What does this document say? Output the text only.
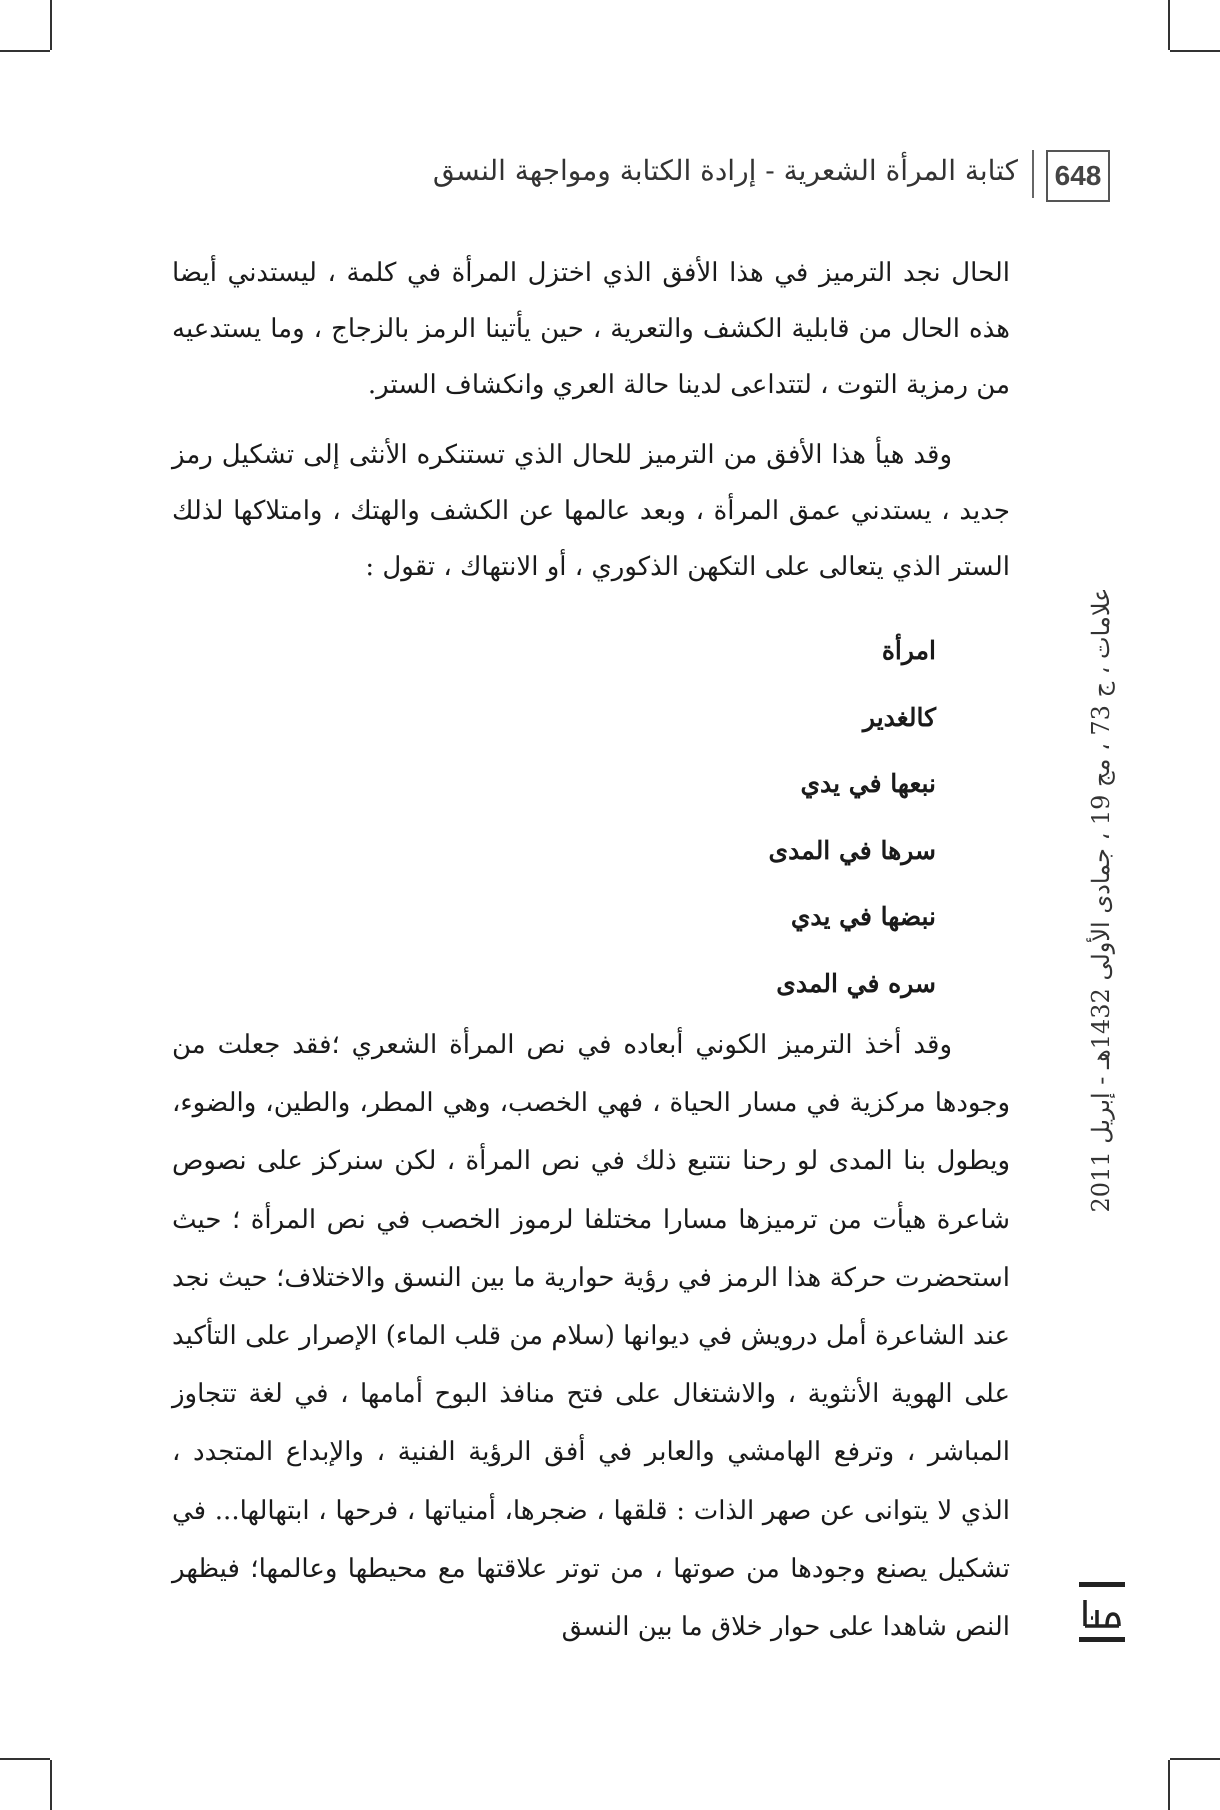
648
كتابة المرأة الشعرية - إرادة الكتابة ومواجهة النسق

الحال نجد الترميز في هذا الأفق الذي اختزل المرأة في كلمة ، ليستدني أيضا هذه الحال من قابلية الكشف والتعرية ، حين يأتينا الرمز بالزجاج ، وما يستدعيه من رمزية التوت ، لتتداعى لدينا حالة العري وانكشاف الستر.

وقد هيأ هذا الأفق من الترميز للحال الذي تستنكره الأنثى إلى تشكيل رمز جديد ، يستدني عمق المرأة ، وبعد عالمها عن الكشف والهتك ، وامتلاكها لذلك الستر الذي يتعالى على التكهن الذكوري ، أو الانتهاك ، تقول :

امرأة
كالغدير
نبعها في يدي
سرها في المدى
نبضها في يدي
سره في المدى

وقد أخذ الترميز الكوني أبعاده في نص المرأة الشعري ؛فقد جعلت من وجودها مركزية في مسار الحياة ، فهي الخصب، وهي المطر، والطين، والضوء، ويطول بنا المدى لو رحنا نتتبع ذلك في نص المرأة ، لكن سنركز على نصوص شاعرة هيأت من ترميزها مسارا مختلفا لرموز الخصب في نص المرأة ؛ حيث استحضرت حركة هذا الرمز في رؤية حوارية ما بين النسق والاختلاف؛ حيث نجد عند الشاعرة أمل درويش في ديوانها (سلام من قلب الماء) الإصرار على التأكيد على الهوية الأنثوية ، والاشتغال على فتح منافذ البوح أمامها ، في لغة تتجاوز المباشر ، وترفع الهامشي والعابر في أفق الرؤية الفنية ، والإبداع المتجدد ، الذي لا يتوانى عن صهر الذات : قلقها ، ضجرها، أمنياتها ، فرحها ، ابتهالها... في تشكيل يصنع وجودها من صوتها ، من توتر علاقتها مع محيطها وعالمها؛ فيظهر النص شاهدا على حوار خلاق ما بين النسق

علامات ، ج 73 ، مج 19 ، جمادى الأولى 1432هـ - إبريل 2011
